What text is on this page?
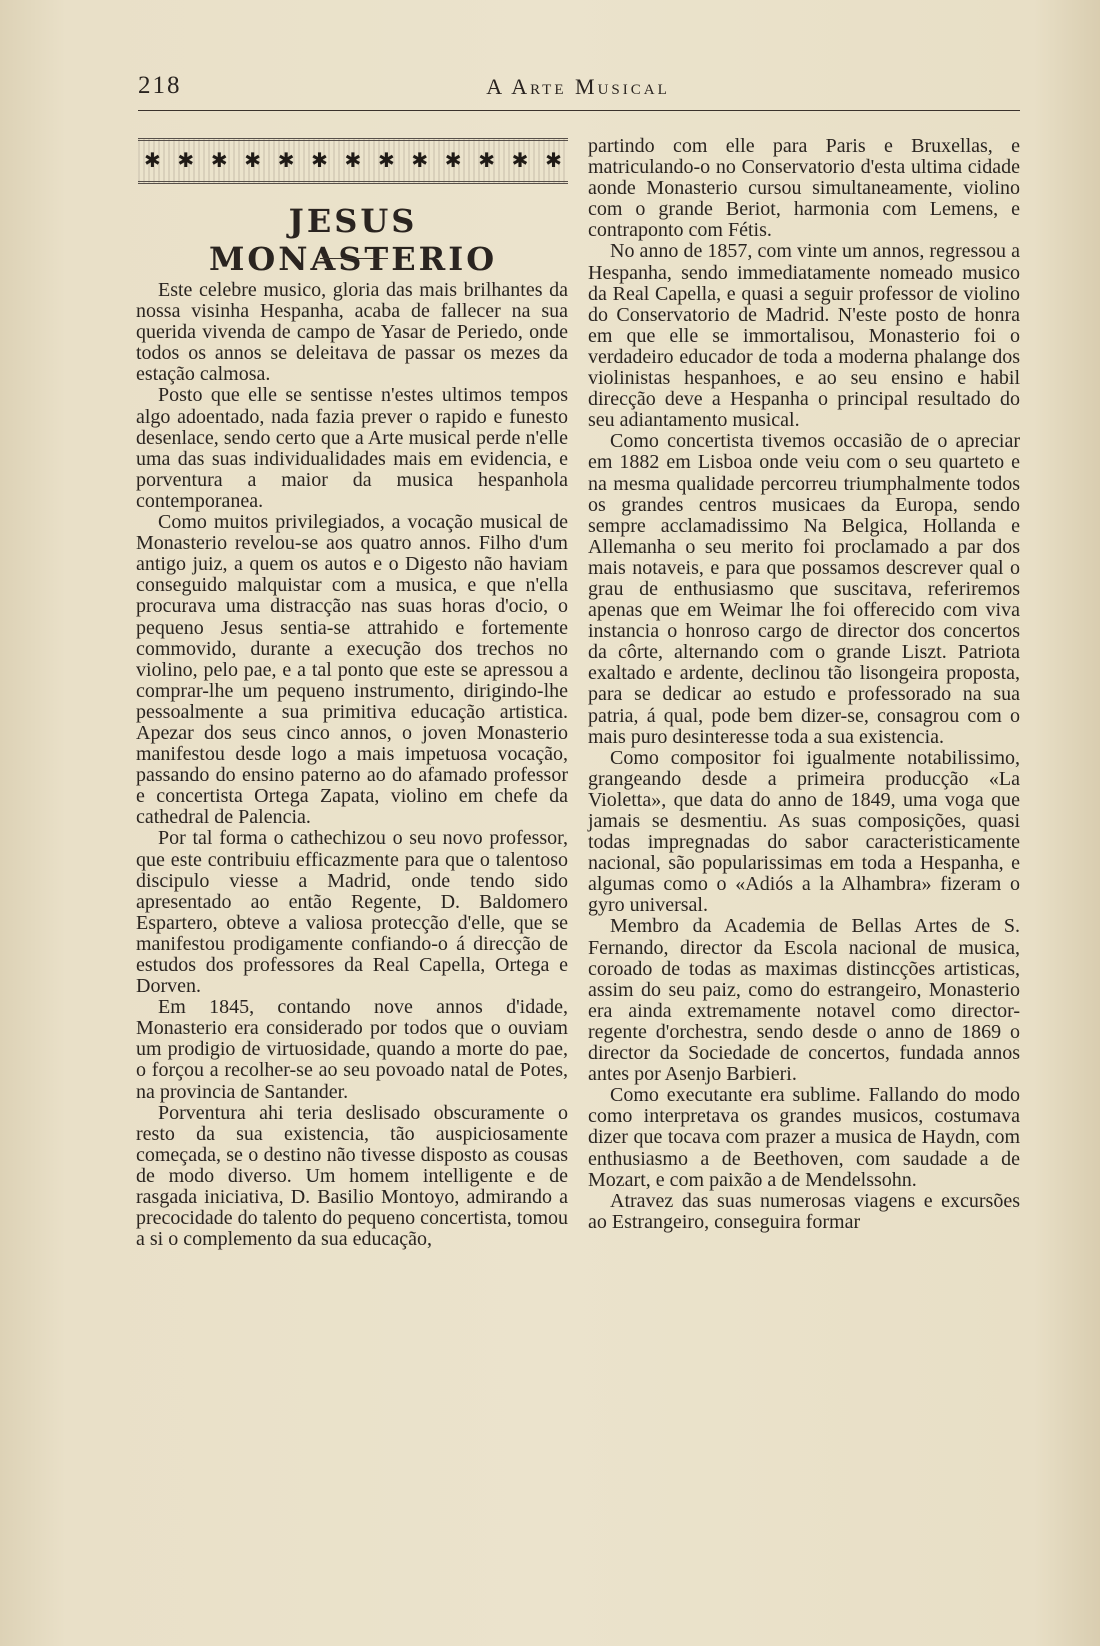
218	A Arte Musical
✱ ✱ ✱ ✱ ✱ ✱ ✱ ✱ ✱ ✱ ✱ ✱ ✱
JESUS MONASTERIO

Este celebre musico, gloria das mais brilhantes da nossa visinha Hespanha, acaba de fallecer na sua querida vivenda de campo de Yasar de Periedo, onde todos os annos se deleitava de passar os mezes da estação calmosa.

Posto que elle se sentisse n'estes ultimos tempos algo adoentado, nada fazia prever o rapido e funesto desenlace, sendo certo que a Arte musical perde n'elle uma das suas individualidades mais em evidencia, e porventura a maior da musica hespanhola contemporanea.

Como muitos privilegiados, a vocação musical de Monasterio revelou-se aos quatro annos. Filho d'um antigo juiz, a quem os autos e o Digesto não haviam conseguido malquistar com a musica, e que n'ella procurava uma distracção nas suas horas d'ocio, o pequeno Jesus sentia-se attrahido e fortemente commovido, durante a execução dos trechos no violino, pelo pae, e a tal ponto que este se apressou a comprar-lhe um pequeno instrumento, dirigindo-lhe pessoalmente a sua primitiva educação artistica. Apezar dos seus cinco annos, o joven Monasterio manifestou desde logo a mais impetuosa vocação, passando do ensino paterno ao do afamado professor e concertista Ortega Zapata, violino em chefe da cathedral de Palencia.

Por tal forma o cathechizou o seu novo professor, que este contribuiu efficazmente para que o talentoso discipulo viesse a Madrid, onde tendo sido apresentado ao então Regente, D. Baldomero Espartero, obteve a valiosa protecção d'elle, que se manifestou prodigamente confiando-o á direcção de estudos dos professores da Real Capella, Ortega e Dorven.

Em 1845, contando nove annos d'idade, Monasterio era considerado por todos que o ouviam um prodigio de virtuosidade, quando a morte do pae, o forçou a recolher-se ao seu povoado natal de Potes, na provincia de Santander.

Porventura ahi teria deslisado obscuramente o resto da sua existencia, tão auspiciosamente começada, se o destino não tivesse disposto as cousas de modo diverso. Um homem intelligente e de rasgada iniciativa, D. Basilio Montoyo, admirando a precocidade do talento do pequeno concertista, tomou a si o complemento da sua educação,

partindo com elle para Paris e Bruxellas, e matriculando-o no Conservatorio d'esta ultima cidade aonde Monasterio cursou simultaneamente, violino com o grande Beriot, harmonia com Lemens, e contraponto com Fétis.

No anno de 1857, com vinte um annos, regressou a Hespanha, sendo immediatamente nomeado musico da Real Capella, e quasi a seguir professor de violino do Conservatorio de Madrid. N'este posto de honra em que elle se immortalisou, Monasterio foi o verdadeiro educador de toda a moderna phalange dos violinistas hespanhoes, e ao seu ensino e habil direcção deve a Hespanha o principal resultado do seu adiantamento musical.

Como concertista tivemos occasião de o apreciar em 1882 em Lisboa onde veiu com o seu quarteto e na mesma qualidade percorreu triumphalmente todos os grandes centros musicaes da Europa, sendo sempre acclamadissimo Na Belgica, Hollanda e Allemanha o seu merito foi proclamado a par dos mais notaveis, e para que possamos descrever qual o grau de enthusiasmo que suscitava, referiremos apenas que em Weimar lhe foi offerecido com viva instancia o honroso cargo de director dos concertos da côrte, alternando com o grande Liszt. Patriota exaltado e ardente, declinou tão lisongeira proposta, para se dedicar ao estudo e professorado na sua patria, á qual, pode bem dizer-se, consagrou com o mais puro desinteresse toda a sua existencia.

Como compositor foi igualmente notabilissimo, grangeando desde a primeira producção «La Violetta», que data do anno de 1849, uma voga que jamais se desmentiu. As suas composições, quasi todas impregnadas do sabor caracteristicamente nacional, são popularissimas em toda a Hespanha, e algumas como o «Adiós a la Alhambra» fizeram o gyro universal.

Membro da Academia de Bellas Artes de S. Fernando, director da Escola nacional de musica, coroado de todas as maximas distincções artisticas, assim do seu paiz, como do estrangeiro, Monasterio era ainda extremamente notavel como director-regente d'orchestra, sendo desde o anno de 1869 o director da Sociedade de concertos, fundada annos antes por Asenjo Barbieri.

Como executante era sublime. Fallando do modo como interpretava os grandes musicos, costumava dizer que tocava com prazer a musica de Haydn, com enthusiasmo a de Beethoven, com saudade a de Mozart, e com paixão a de Mendelssohn.

Atravez das suas numerosas viagens e excursões ao Estrangeiro, conseguira formar
